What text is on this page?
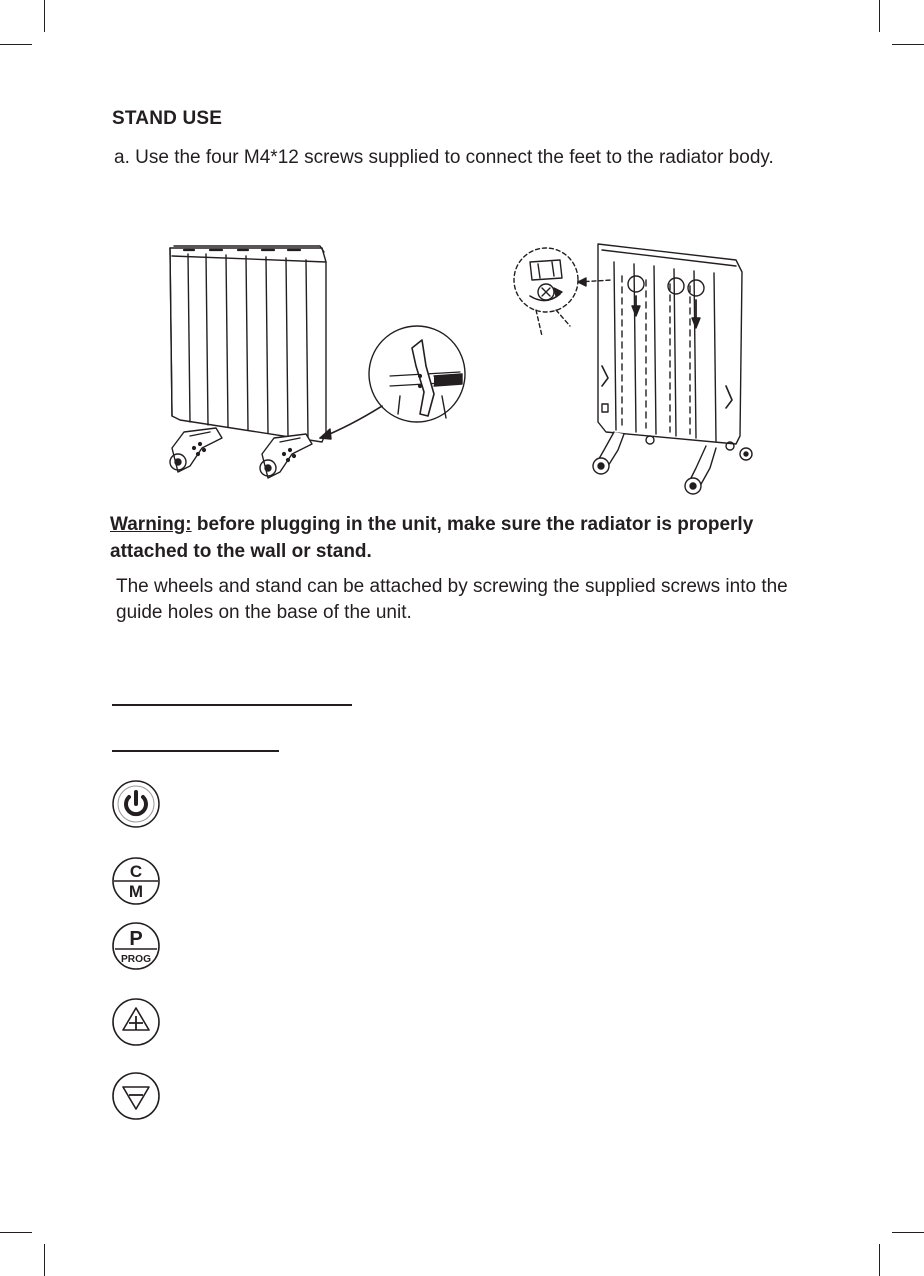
STAND USE

a. Use the four M4*12 screws supplied to connect the feet to the radiator body.

Warning: before plugging in the unit, make sure the radiator is properly attached to the wall or stand.

The wheels and stand can be attached by screwing the supplied screws into the guide holes on the base of the unit.

C
M
P
PROG
